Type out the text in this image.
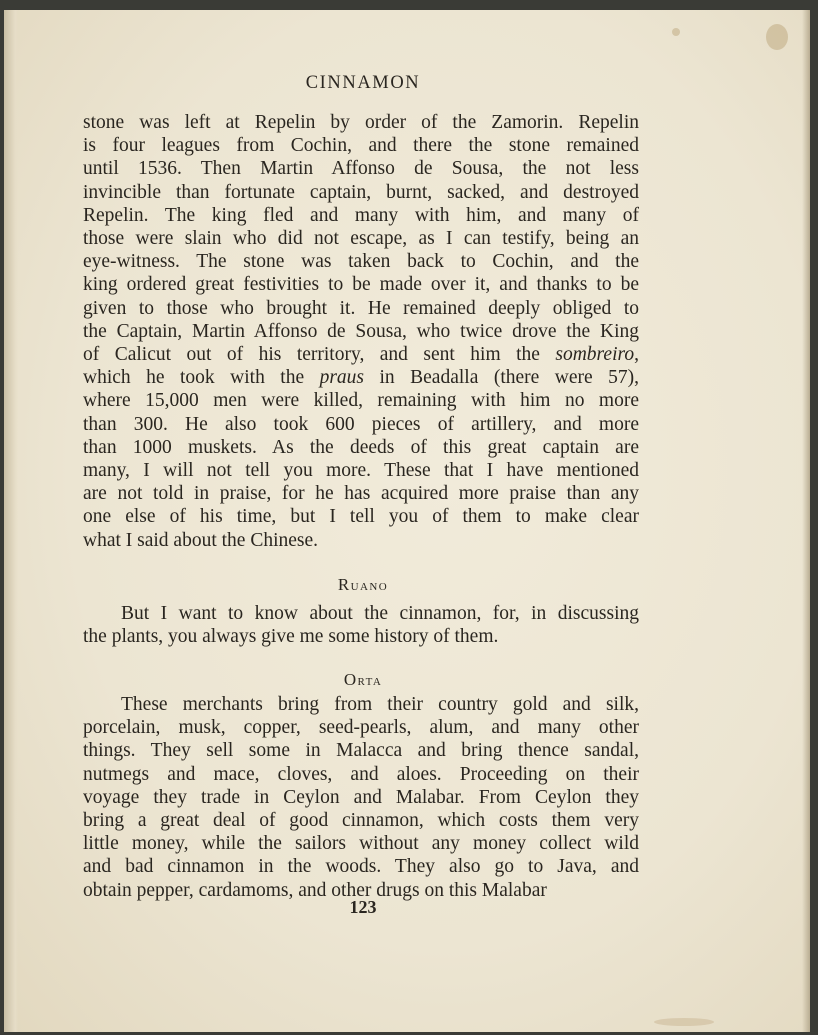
CINNAMON
stone was left at Repelin by order of the Zamorin. Repelin
is four leagues from Cochin, and there the stone remained
until 1536. Then Martin Affonso de Sousa, the not less
invincible than fortunate captain, burnt, sacked, and destroyed
Repelin. The king fled and many with him, and many of
those were slain who did not escape, as I can testify, being an
eye-witness. The stone was taken back to Cochin, and the
king ordered great festivities to be made over it, and thanks to be
given to those who brought it. He remained deeply obliged to
the Captain, Martin Affonso de Sousa, who twice drove the King
of Calicut out of his territory, and sent him the sombreiro,
which he took with the praus in Beadalla (there were 57),
where 15,000 men were killed, remaining with him no more
than 300. He also took 600 pieces of artillery, and more
than 1000 muskets. As the deeds of this great captain are
many, I will not tell you more. These that I have mentioned
are not told in praise, for he has acquired more praise than any
one else of his time, but I tell you of them to make clear
what I said about the Chinese.
Ruano
But I want to know about the cinnamon, for, in discussing
the plants, you always give me some history of them.
Orta
These merchants bring from their country gold and silk,
porcelain, musk, copper, seed-pearls, alum, and many other
things. They sell some in Malacca and bring thence sandal,
nutmegs and mace, cloves, and aloes. Proceeding on their
voyage they trade in Ceylon and Malabar. From Ceylon they
bring a great deal of good cinnamon, which costs them very
little money, while the sailors without any money collect wild
and bad cinnamon in the woods. They also go to Java, and
obtain pepper, cardamoms, and other drugs on this Malabar
123
